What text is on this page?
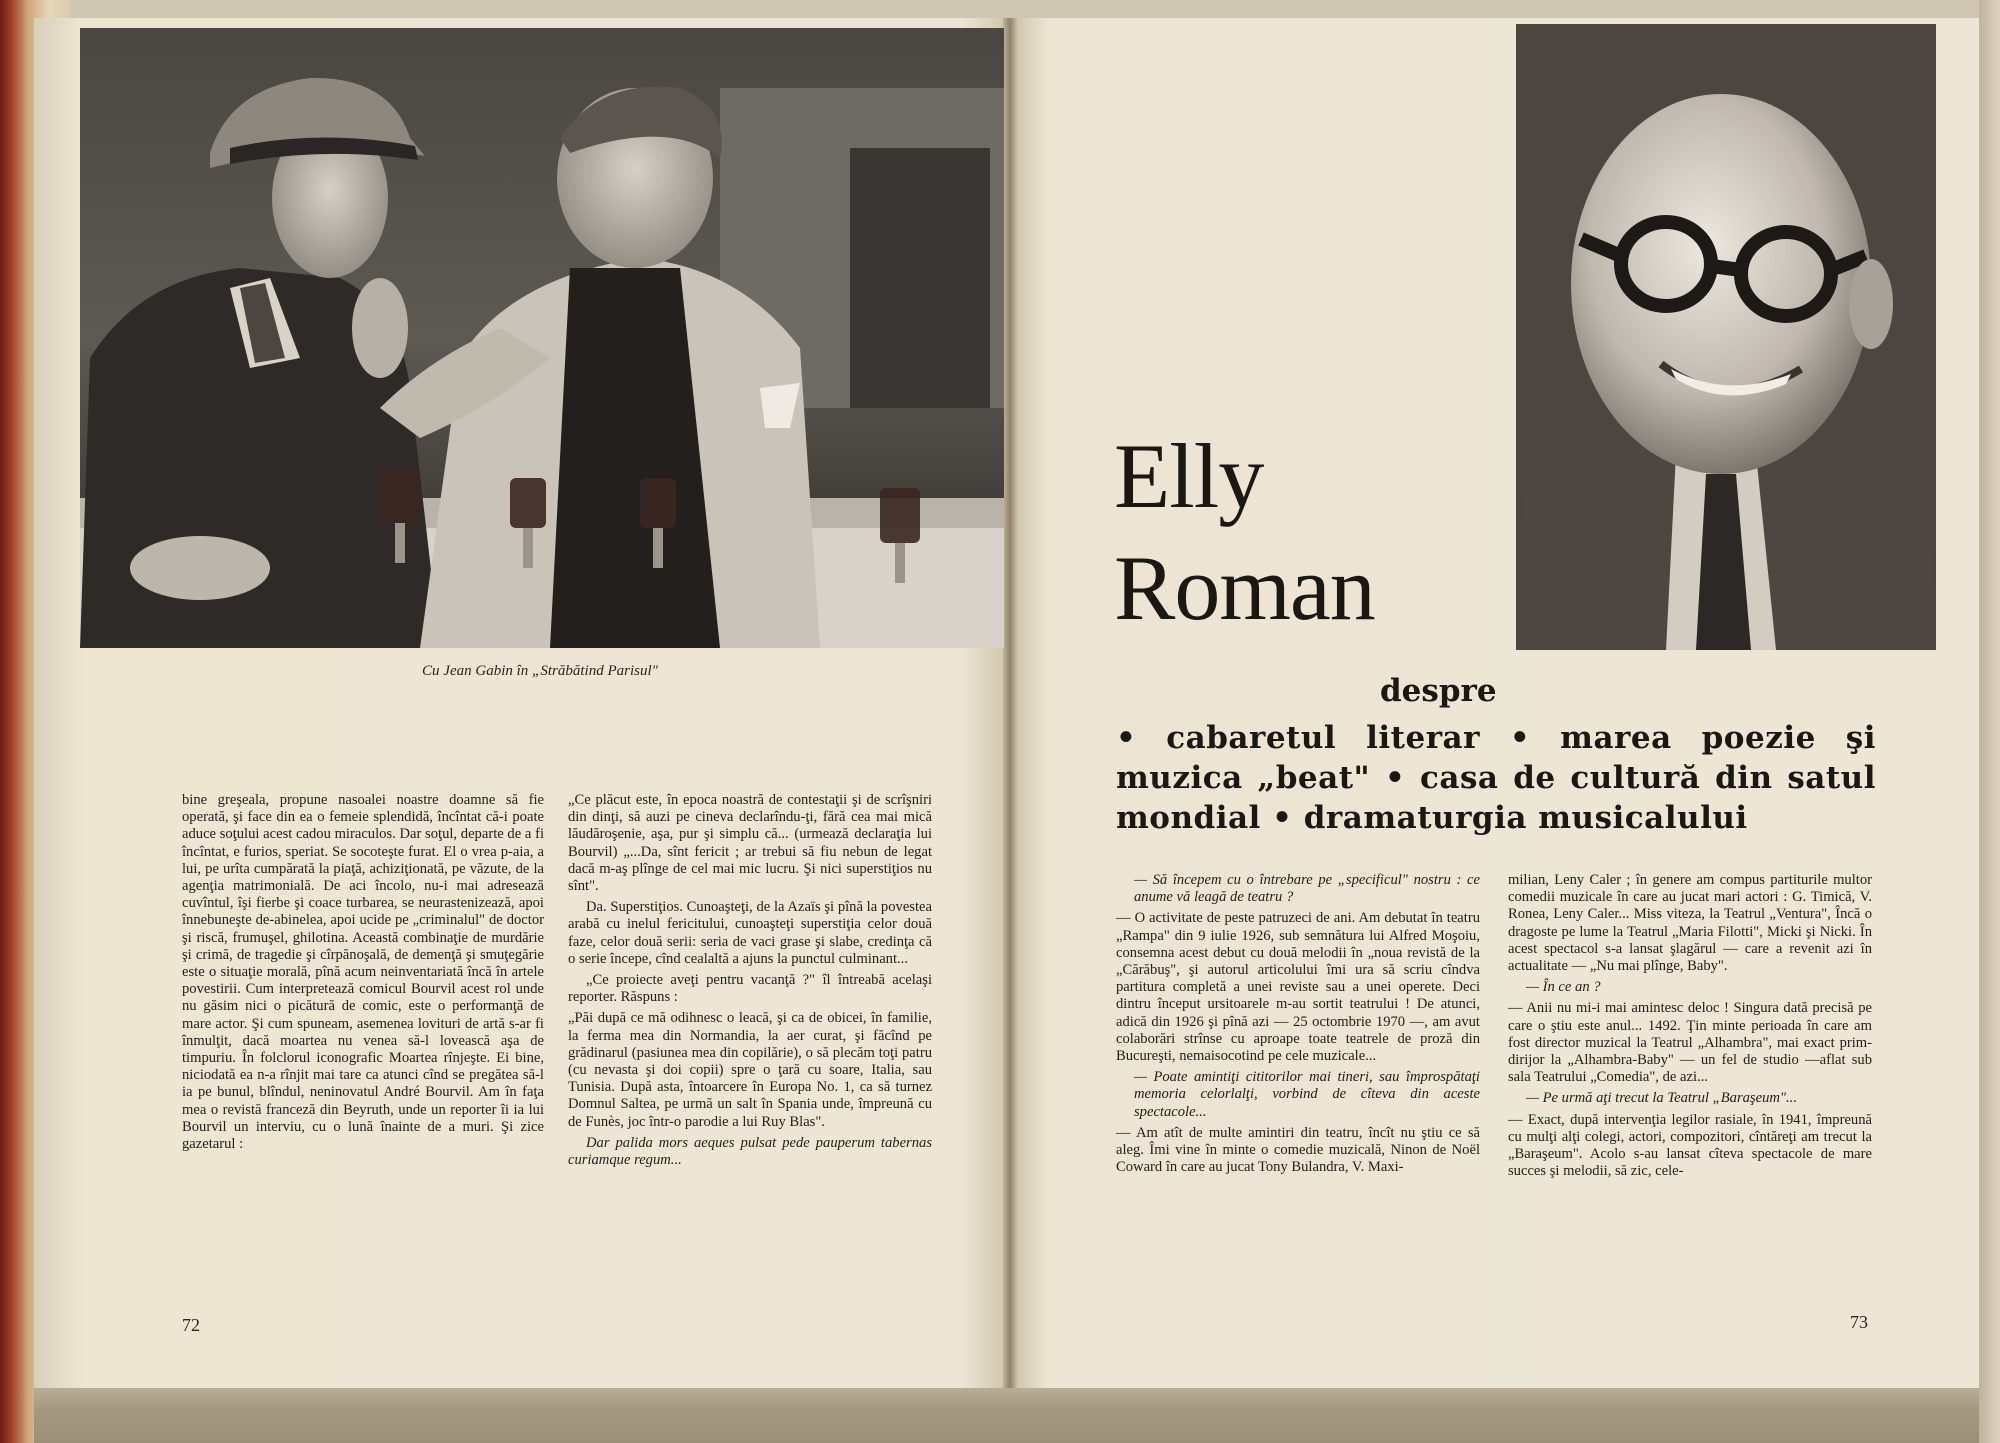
Cu Jean Gabin în „Străbătind Parisul"

bine greşeala, propune nasoalei noastre doamne să fie operată, şi face din ea o femeie splendidă, încîntat că-i poate aduce soţului acest cadou miraculos. Dar soţul, departe de a fi încîntat, e furios, speriat. Se socoteşte furat. El o vrea p-aia, a lui, pe urîta cumpărată la piaţă, achiziţionată, pe văzute, de la agenţia matrimonială. De aci încolo, nu-i mai adresează cuvîntul, îşi fierbe şi coace turbarea, se neurastenizează, apoi înnebuneşte de-abinelea, apoi ucide pe „criminalul" de doctor şi riscă, frumuşel, ghilotina. Această combinaţie de murdărie şi crimă, de tragedie şi cîrpănoşală, de demenţă şi smuţegărie este o situaţie morală, pînă acum neinventariată încă în artele povestirii. Cum interpretează comicul Bourvil acest rol unde nu găsim nici o picătură de comic, este o performanţă de mare actor. Şi cum spuneam, asemenea lovituri de artă s-ar fi înmulţit, dacă moartea nu venea să-l lovească aşa de timpuriu. În folclorul iconografic Moartea rînjeşte. Ei bine, niciodată ea n-a rînjit mai tare ca atunci cînd se pregătea să-l ia pe bunul, blîndul, neninovatul André Bourvil. Am în faţa mea o revistă franceză din Beyruth, unde un reporter îi ia lui Bourvil un interviu, cu o lună înainte de a muri. Şi zice gazetarul :

„Ce plăcut este, în epoca noastră de contestaţii şi de scrîşniri din dinţi, să auzi pe cineva declarîndu-ţi, fără cea mai mică lăudăroşenie, aşa, pur şi simplu că... (urmează declaraţia lui Bourvil) „...Da, sînt fericit ; ar trebui să fiu nebun de legat dacă m-aş plînge de cel mai mic lucru. Şi nici superstiţios nu sînt".

Da. Superstiţios. Cunoaşteţi, de la Azaïs şi pînă la povestea arabă cu inelul fericitului, cunoaşteţi superstiţia celor două faze, celor două serii: seria de vaci grase şi slabe, credinţa că o serie începe, cînd cealaltă a ajuns la punctul culminant...

„Ce proiecte aveţi pentru vacanţă ?" îl întreabă acelaşi reporter. Răspuns :

„Păi după ce mă odihnesc o leacă, şi ca de obicei, în familie, la ferma mea din Normandia, la aer curat, şi făcînd pe grădinarul (pasiunea mea din copilărie), o să plecăm toţi patru (cu nevasta şi doi copii) spre o ţară cu soare, Italia, sau Tunisia. După asta, întoarcere în Europa No. 1, ca să turnez Domnul Saltea, pe urmă un salt în Spania unde, împreună cu de Funès, joc într-o parodie a lui Ruy Blas".

Dar palida mors aeques pulsat pede pauperum tabernas curiamque regum...

72
Elly
Roman
despre
• cabaretul literar • marea poezie şi muzica „beat" • casa de cultură din satul mondial • dramaturgia musicalului

— Să începem cu o întrebare pe „specificul" nostru : ce anume vă leagă de teatru ?

— O activitate de peste patruzeci de ani. Am debutat în teatru „Rampa" din 9 iulie 1926, sub semnătura lui Alfred Moşoiu, consemna acest debut cu două melodii în „noua revistă de la „Cărăbuş", şi autorul articolului îmi ura să scriu cîndva partitura completă a unei reviste sau a unei operete. Deci dintru început ursitoarele m-au sortit teatrului ! De atunci, adică din 1926 şi pînă azi — 25 octombrie 1970 —, am avut colaborări strînse cu aproape toate teatrele de proză din Bucureşti, nemaisocotind pe cele muzicale...

— Poate amintiţi cititorilor mai tineri, sau împrospătaţi memoria celorlalţi, vorbind de cîteva din aceste spectacole...

— Am atît de multe amintiri din teatru, încît nu ştiu ce să aleg. Îmi vine în minte o comedie muzicală, Ninon de Noël Coward în care au jucat Tony Bulandra, V. Maxi-

milian, Leny Caler ; în genere am compus partiturile multor comedii muzicale în care au jucat mari actori : G. Timică, V. Ronea, Leny Caler... Miss viteza, la Teatrul „Ventura", Încă o dragoste pe lume la Teatrul „Maria Filotti", Micki şi Nicki. În acest spectacol s-a lansat şlagărul — care a revenit azi în actualitate — „Nu mai plînge, Baby".

— În ce an ?

— Anii nu mi-i mai amintesc deloc ! Singura dată precisă pe care o ştiu este anul... 1492. Ţin minte perioada în care am fost director muzical la Teatrul „Alhambra", mai exact prim-dirijor la „Alhambra-Baby" — un fel de studio —aflat sub sala Teatrului „Comedia", de azi...

— Pe urmă aţi trecut la Teatrul „Baraşeum"...

— Exact, după intervenţia legilor rasiale, în 1941, împreună cu mulţi alţi colegi, actori, compozitori, cîntăreţi am trecut la „Baraşeum". Acolo s-au lansat cîteva spectacole de mare succes şi melodii, să zic, cele-

73
